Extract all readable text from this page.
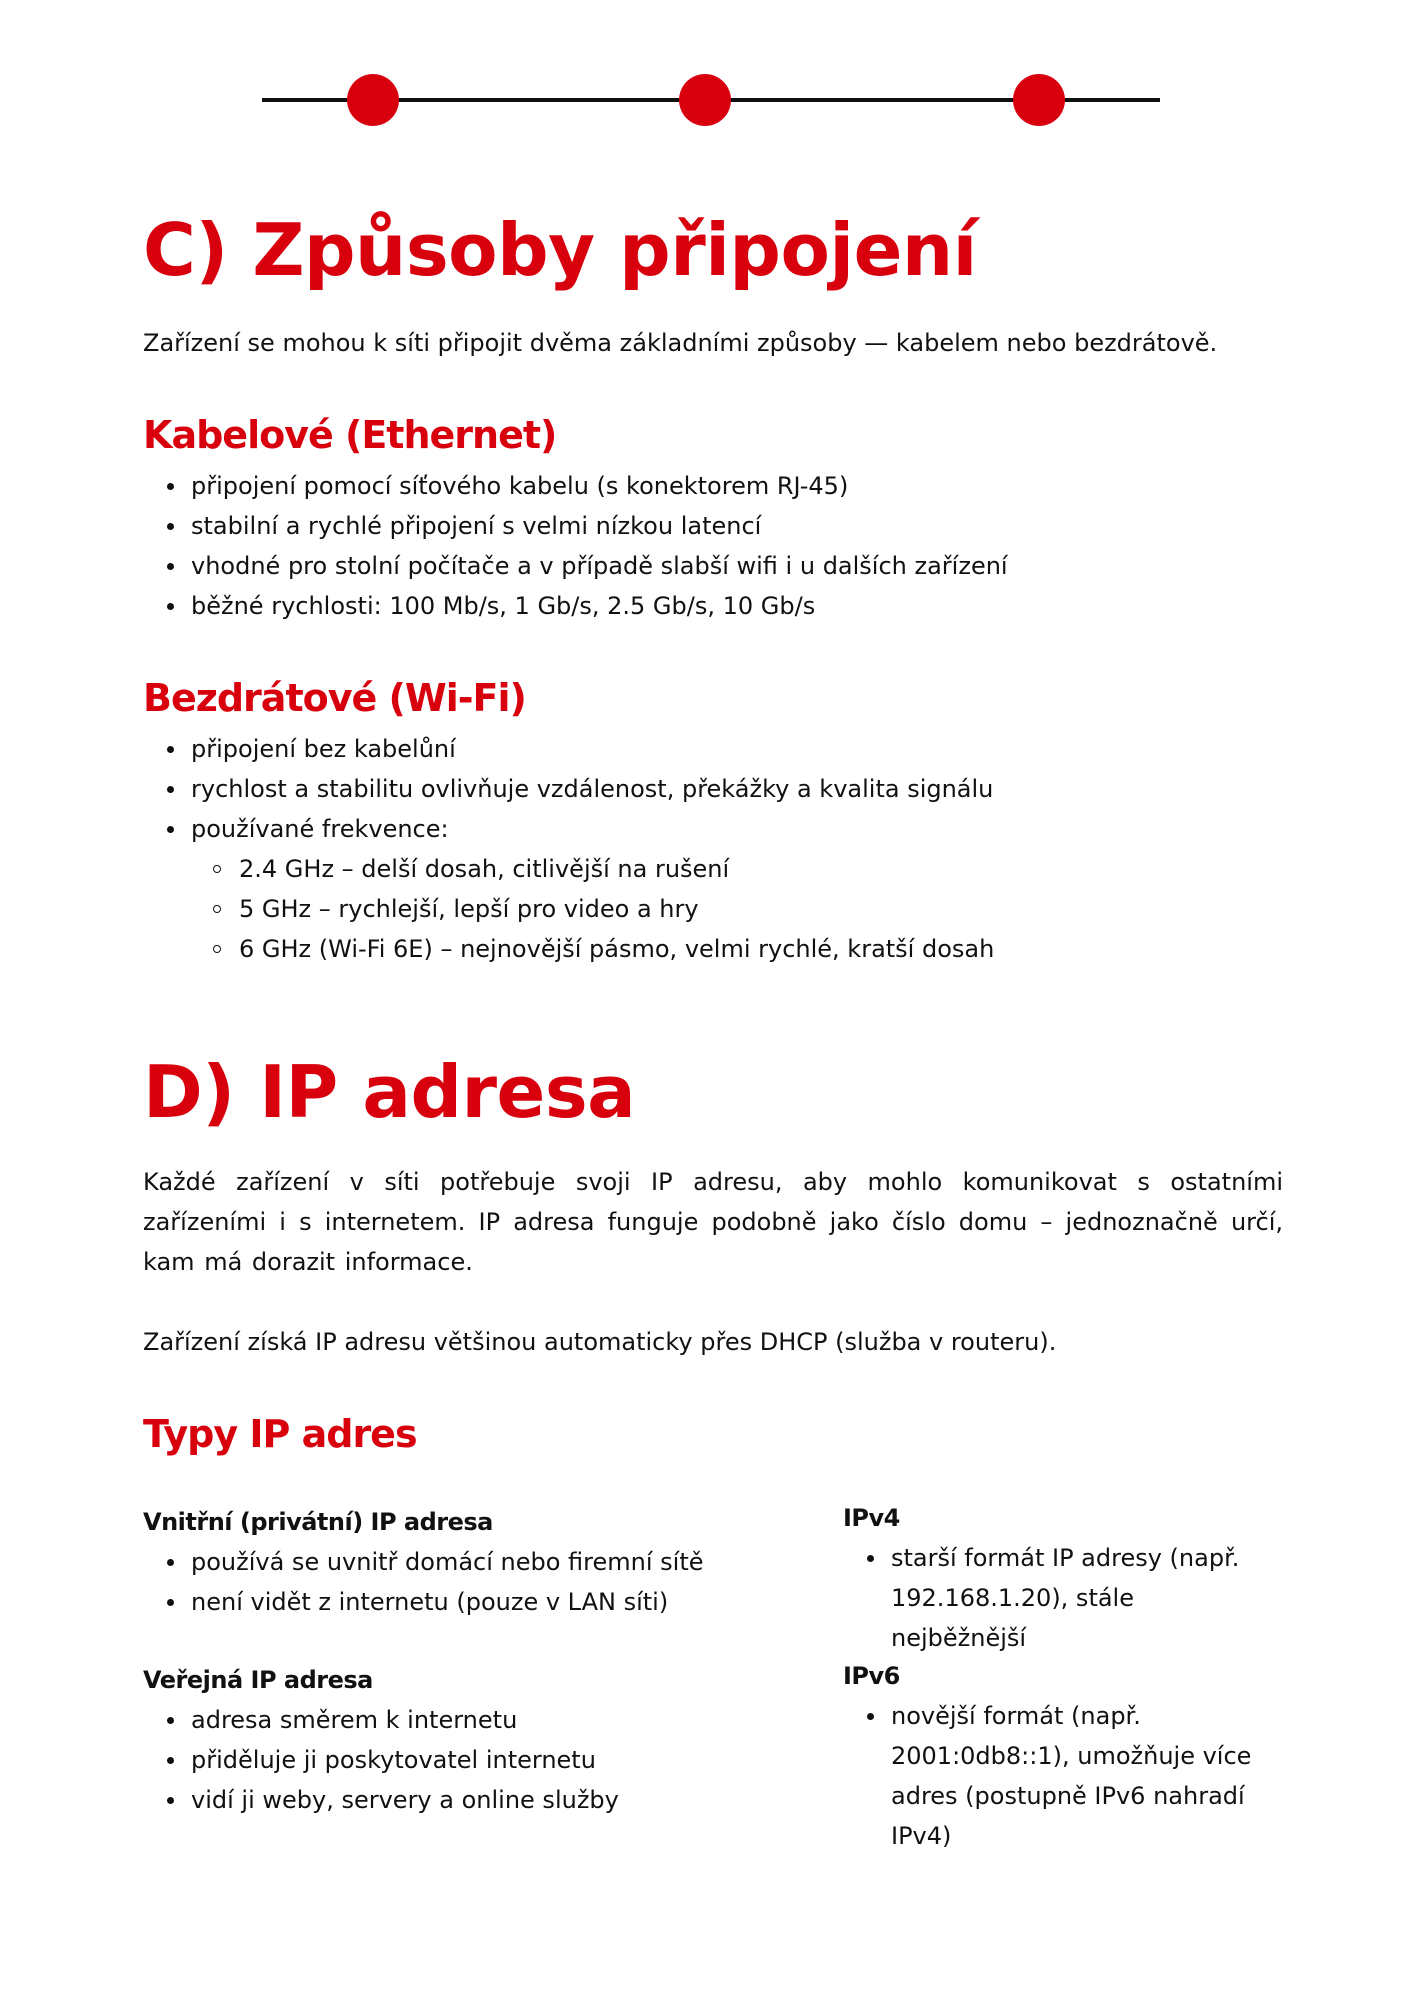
C) Způsoby připojení

Zařízení se mohou k síti připojit dvěma základními způsoby — kabelem nebo bezdrátově.

Kabelové (Ethernet)
připojení pomocí síťového kabelu (s konektorem RJ-45)
stabilní a rychlé připojení s velmi nízkou latencí
vhodné pro stolní počítače a v případě slabší wifi i u dalších zařízení
běžné rychlosti: 100 Mb/s, 1 Gb/s, 2.5 Gb/s, 10 Gb/s
Bezdrátové (Wi-Fi)
připojení bez kabelůní
rychlost a stabilitu ovlivňuje vzdálenost, překážky a kvalita signálu
používané frekvence:
2.4 GHz – delší dosah, citlivější na rušení
5 GHz – rychlejší, lepší pro video a hry
6 GHz (Wi-Fi 6E) – nejnovější pásmo, velmi rychlé, kratší dosah
D) IP adresa

Každé zařízení v síti potřebuje svoji IP adresu, aby mohlo komunikovat s ostatními zařízeními i s internetem. IP adresa funguje podobně jako číslo domu – jednoznačně určí, kam má dorazit informace.

Zařízení získá IP adresu většinou automaticky přes DHCP (služba v routeru).

Typy IP adres
Vnitřní (privátní) IP adresa
používá se uvnitř domácí nebo firemní sítě
není vidět z internetu (pouze v LAN síti)
Veřejná IP adresa
adresa směrem k internetu
přiděluje ji poskytovatel internetu
vidí ji weby, servery a online služby
IPv4
starší formát IP adresy (např. 192.168.1.20), stále nejběžnější
IPv6
novější formát (např. 2001:0db8::1), umožňuje více adres (postupně IPv6 nahradí IPv4)
